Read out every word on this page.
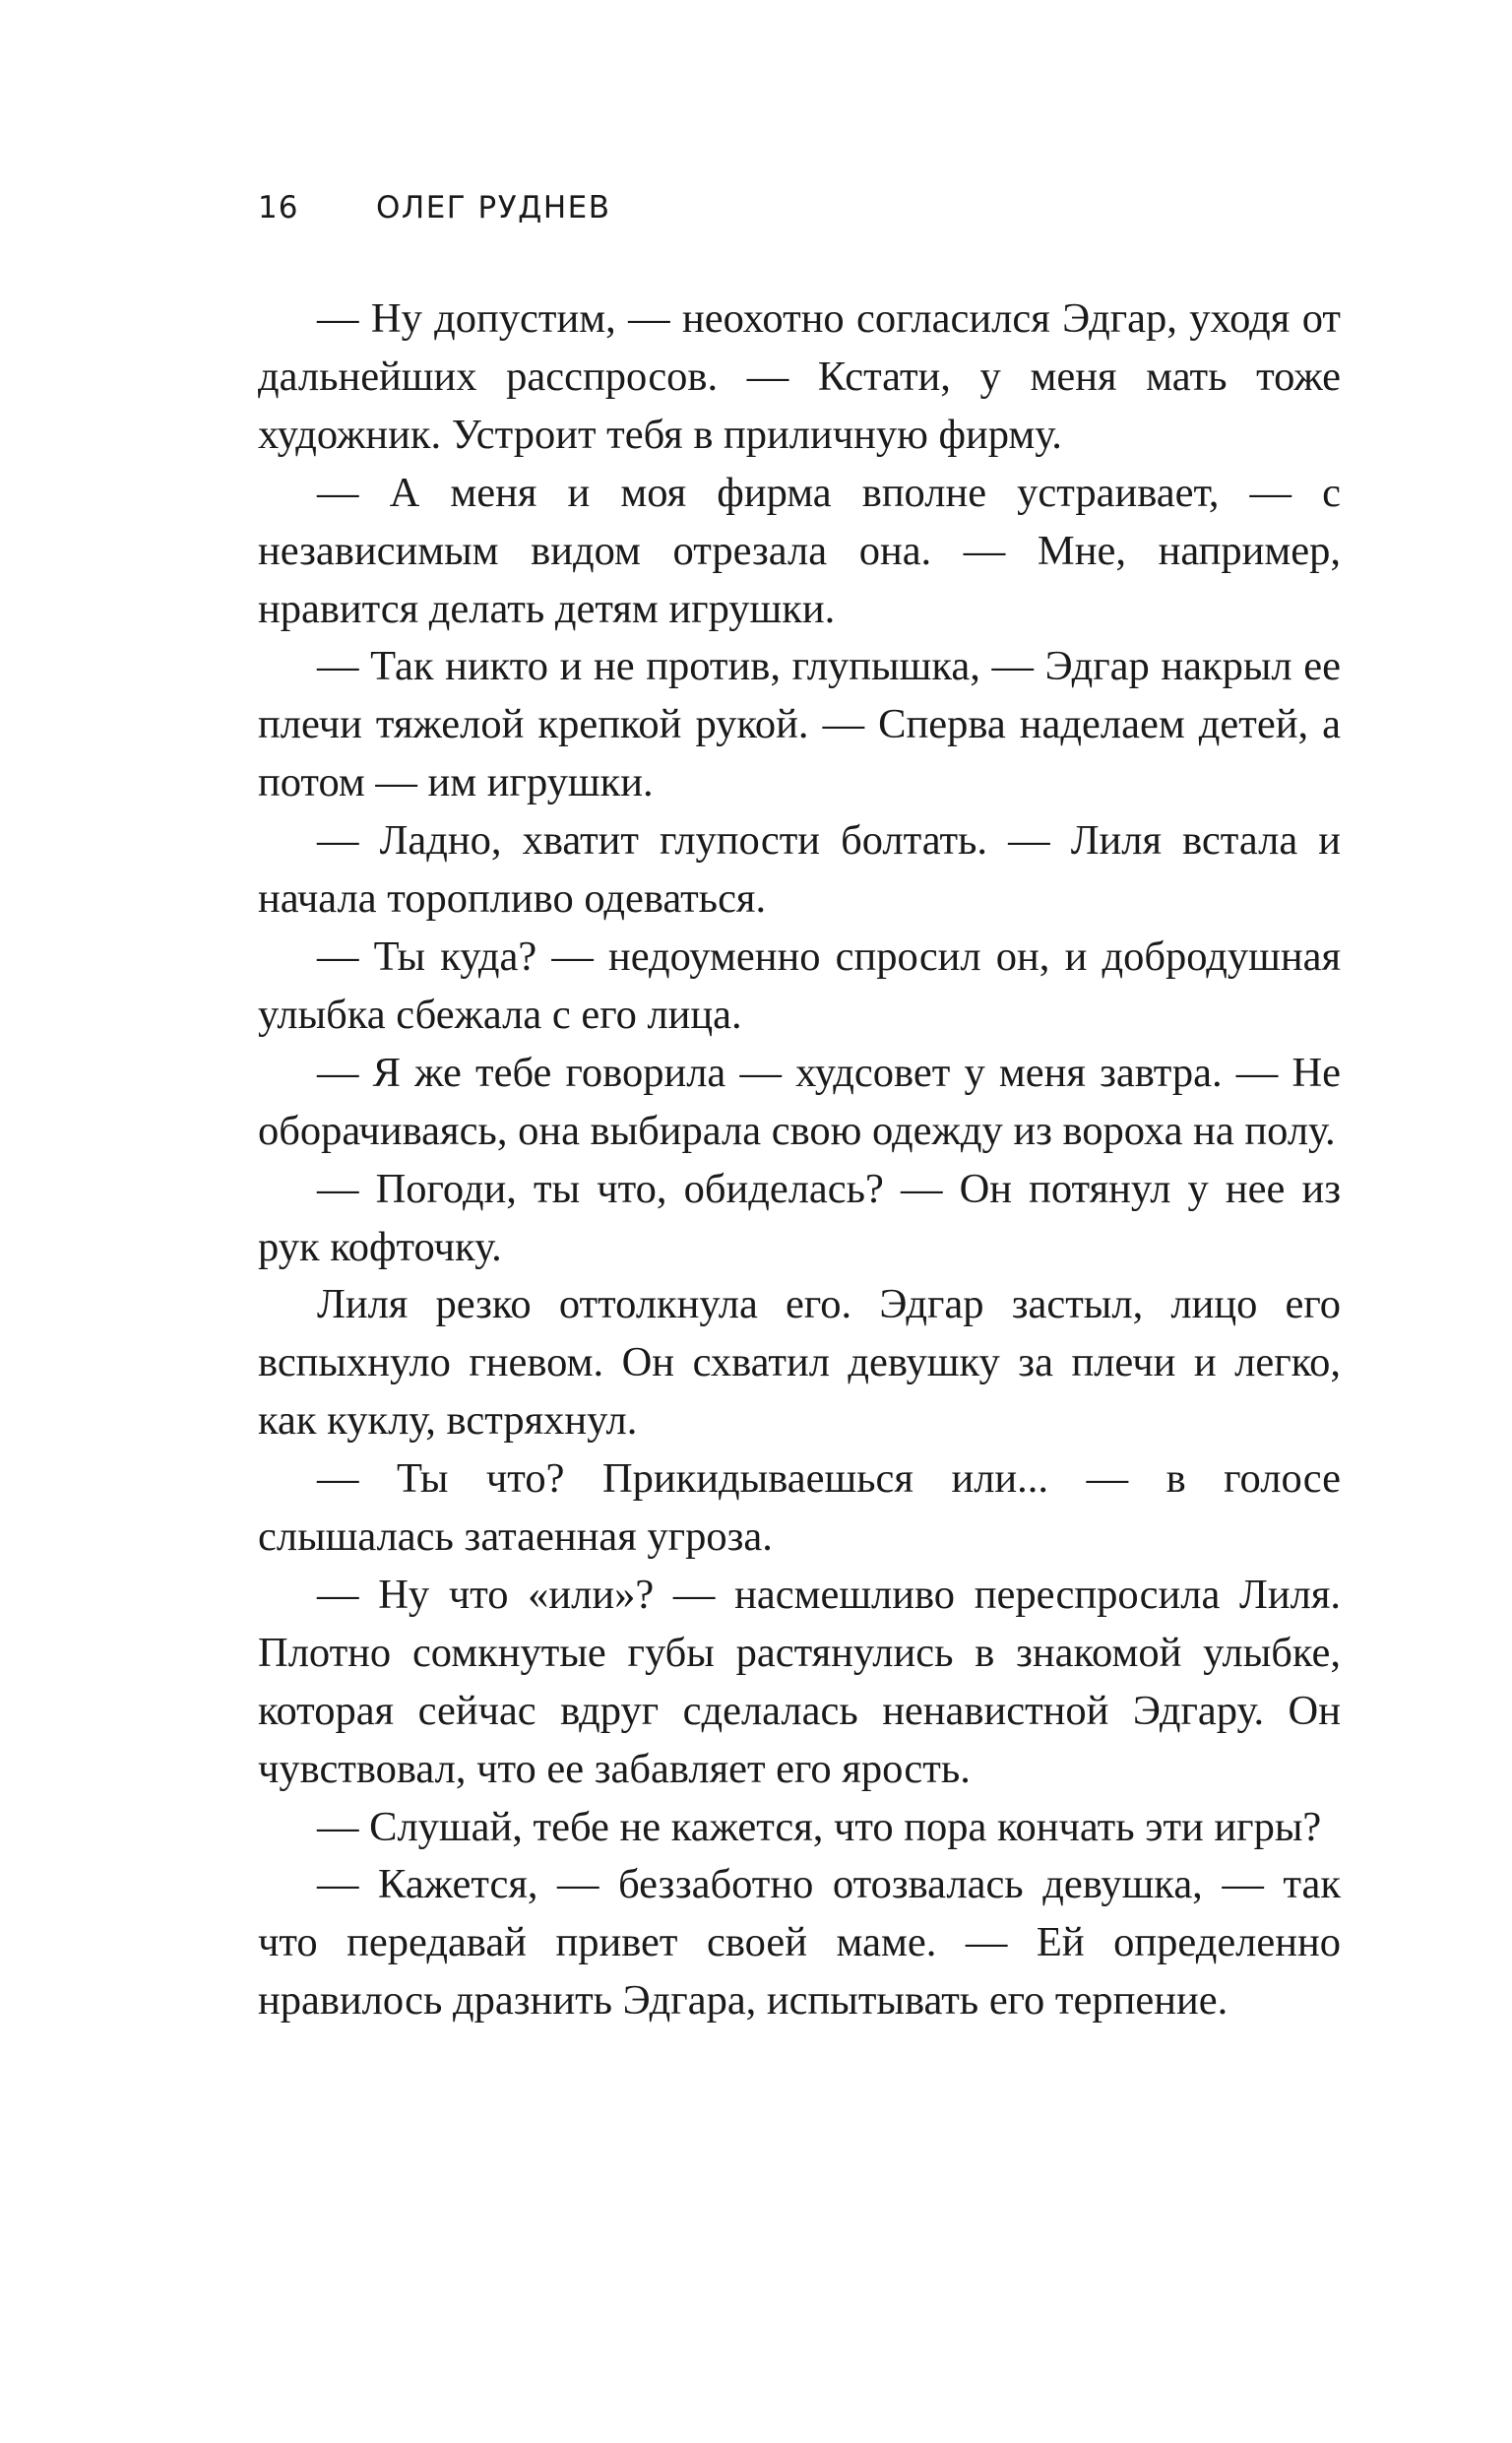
16	ОЛЕГ РУДНЕВ

— Ну допустим, — неохотно согласился Эдгар, уходя от дальнейших расспросов. — Кстати, у меня мать тоже художник. Устроит тебя в приличную фирму.

— А меня и моя фирма вполне устраивает, — с независимым видом отрезала она. — Мне, например, нравится делать детям игрушки.

— Так никто и не против, глупышка, — Эдгар накрыл ее плечи тяжелой крепкой рукой. — Сперва наделаем детей, а потом — им игрушки.

— Ладно, хватит глупости болтать. — Лиля встала и начала торопливо одеваться.

— Ты куда? — недоуменно спросил он, и добродушная улыбка сбежала с его лица.

— Я же тебе говорила — худсовет у меня завтра. — Не оборачиваясь, она выбирала свою одежду из вороха на полу.

— Погоди, ты что, обиделась? — Он потянул у нее из рук кофточку.

Лиля резко оттолкнула его. Эдгар застыл, лицо его вспыхнуло гневом. Он схватил девушку за плечи и легко, как куклу, встряхнул.

— Ты что? Прикидываешься или... — в голосе слышалась затаенная угроза.

— Ну что «или»? — насмешливо переспросила Лиля. Плотно сомкнутые губы растянулись в знакомой улыбке, которая сейчас вдруг сделалась ненавистной Эдгару. Он чувствовал, что ее забавляет его ярость.

— Слушай, тебе не кажется, что пора кончать эти игры?

— Кажется, — беззаботно отозвалась девушка, — так что передавай привет своей маме. — Ей определенно нравилось дразнить Эдгара, испытывать его терпение.
